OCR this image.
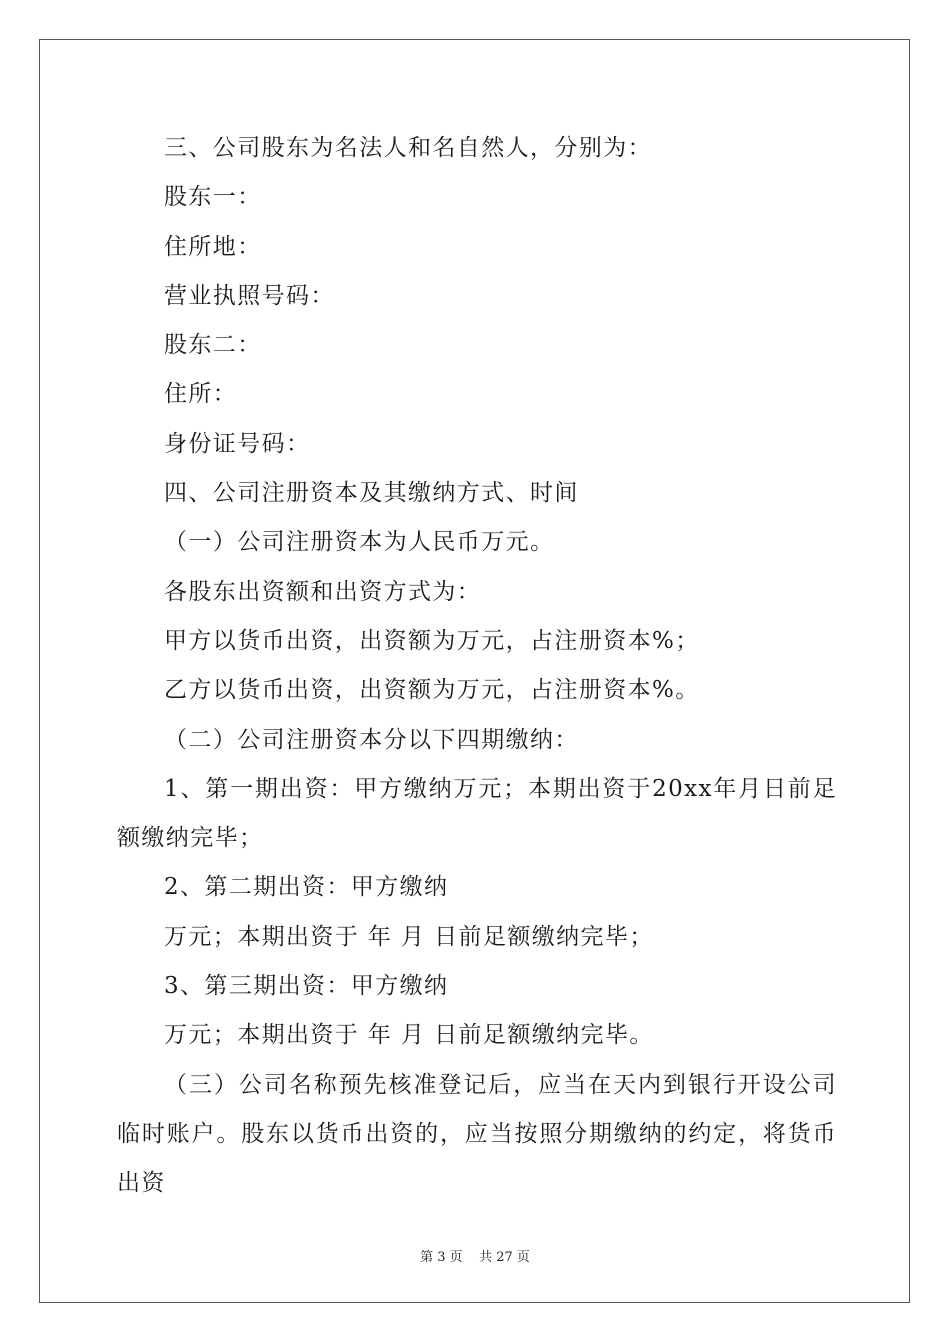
三、公司股东为名法人和名自然人，分别为：

股东一：

住所地：

营业执照号码：

股东二：

住所：

身份证号码：

四、公司注册资本及其缴纳方式、时间

（一）公司注册资本为人民币万元。

各股东出资额和出资方式为：

甲方以货币出资，出资额为万元，占注册资本%；

乙方以货币出资，出资额为万元，占注册资本%。

（二）公司注册资本分以下四期缴纳：

1、第一期出资：甲方缴纳万元；本期出资于20xx年月日前足额缴纳完毕；

2、第二期出资：甲方缴纳

万元；本期出资于 年 月 日前足额缴纳完毕；

3、第三期出资：甲方缴纳

万元；本期出资于 年 月 日前足额缴纳完毕。

（三）公司名称预先核准登记后，应当在天内到银行开设公司临时账户。股东以货币出资的，应当按照分期缴纳的约定，将货币出资

第 3 页    共 27 页
